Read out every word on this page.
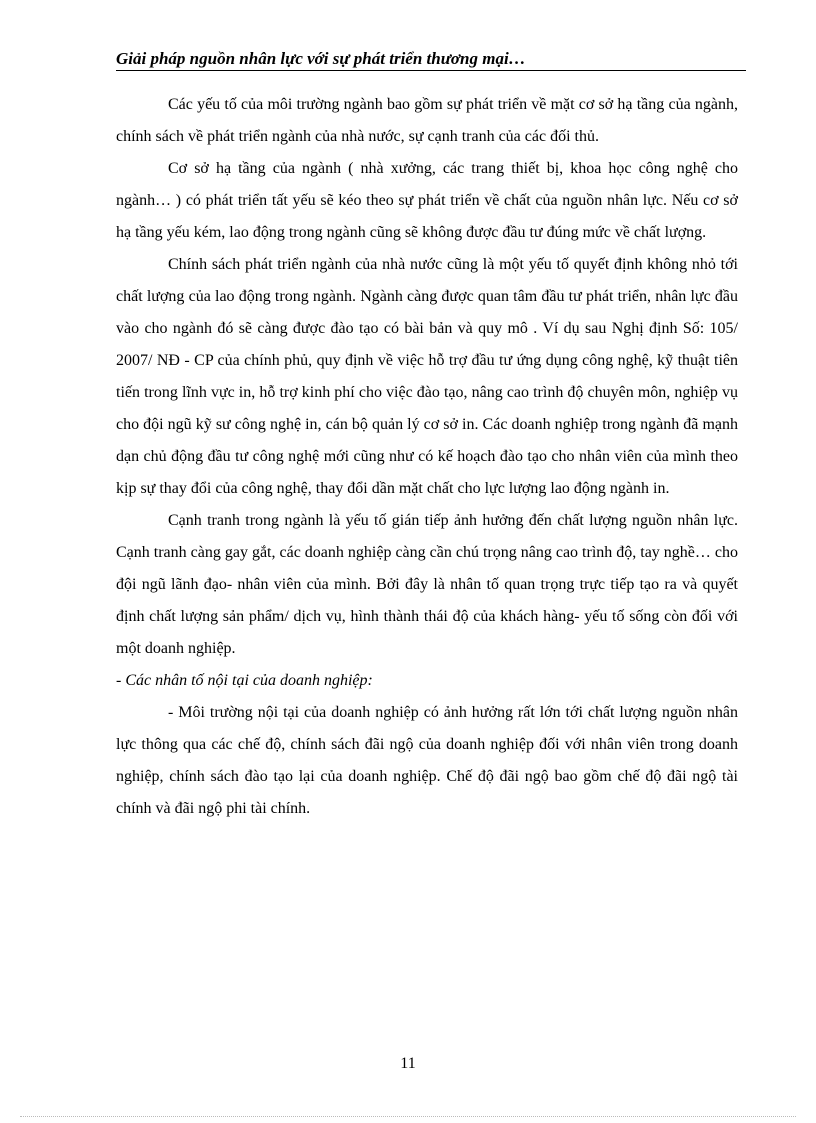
Giải pháp nguồn nhân lực với sự phát triển thương mại…

Các yếu tố của môi trường ngành bao gồm sự phát triển về mặt cơ sở hạ tầng của ngành, chính sách về phát triển ngành của nhà nước, sự cạnh tranh của các đối thủ.

Cơ sở hạ tầng của ngành ( nhà xưởng, các trang thiết bị, khoa học công nghệ cho ngành… ) có phát triển tất yếu sẽ kéo theo sự phát triển về chất của nguồn nhân lực. Nếu cơ sở hạ tầng yếu kém, lao động trong ngành cũng sẽ không được đầu tư đúng mức về chất lượng.

Chính sách phát triển ngành của nhà nước cũng là một yếu tố quyết định không nhỏ tới chất lượng của lao động trong ngành. Ngành càng được quan tâm đầu tư phát triển, nhân lực đầu vào cho ngành đó sẽ càng được đào tạo có bài bản và quy mô . Ví dụ sau Nghị định Số: 105/ 2007/ NĐ - CP của chính phủ, quy định về việc hỗ trợ đầu tư ứng dụng công nghệ, kỹ thuật tiên tiến trong lĩnh vực in, hỗ trợ kinh phí cho việc đào tạo, nâng cao trình độ chuyên môn, nghiệp vụ cho đội ngũ kỹ sư công nghệ in, cán bộ quản lý cơ sở in. Các doanh nghiệp trong ngành đã mạnh dạn chủ động đầu tư công nghệ mới cũng như có kế hoạch đào tạo cho nhân viên của mình theo kịp sự thay đổi của công nghệ, thay đổi dần mặt chất cho lực lượng lao động ngành in.

Cạnh tranh trong ngành là yếu tố gián tiếp ảnh hưởng đến chất lượng nguồn nhân lực. Cạnh tranh càng gay gắt, các doanh nghiệp càng cần chú trọng nâng cao trình độ, tay nghề… cho đội ngũ lãnh đạo- nhân viên của mình. Bởi đây là nhân tố quan trọng trực tiếp tạo ra và quyết định chất lượng sản phẩm/ dịch vụ, hình thành thái độ của khách hàng- yếu tố sống còn đối với một doanh nghiệp.

- Các nhân tố nội tại của doanh nghiệp:

- Môi trường nội tại của doanh nghiệp có ảnh hưởng rất lớn tới chất lượng nguồn nhân lực thông qua các chế độ, chính sách đãi ngộ của doanh nghiệp đối với nhân viên trong doanh nghiệp, chính sách đào tạo lại của doanh nghiệp. Chế độ đãi ngộ bao gồm chế độ đãi ngộ tài chính và đãi ngộ phi tài chính.

11
